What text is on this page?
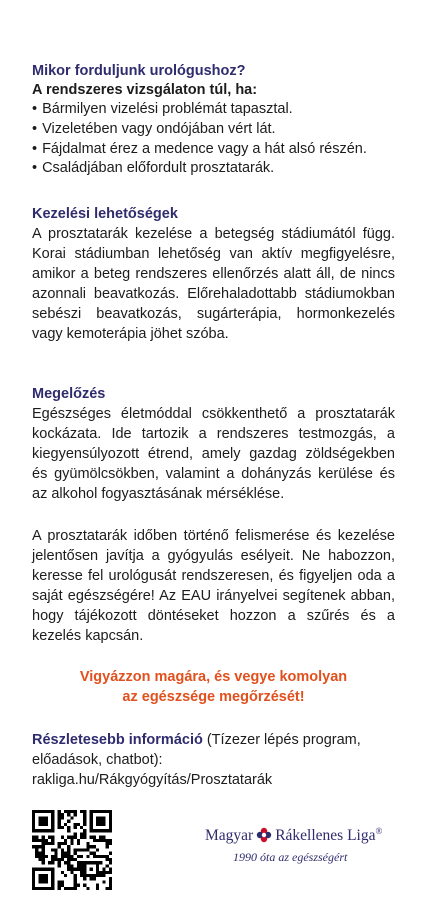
Mikor forduljunk urológushoz?
A rendszeres vizsgálaton túl, ha:
• Bármilyen vizelési problémát tapasztal.
• Vizeletében vagy ondójában vért lát.
• Fájdalmat érez a medence vagy a hát alsó részén.
• Családjában előfordult prosztatarák.
Kezelési lehetőségek

A prosztatarák kezelése a betegség stádiumától függ. Korai stádiumban lehetőség van aktív megfigyelésre, amikor a beteg rendszeres ellenőrzés alatt áll, de nincs azonnali beavatkozás. Előrehaladottabb stádiumokban sebészi beavatkozás, sugárterápia, hormonkezelés vagy kemoterápia jöhet szóba.

Megelőzés

Egészséges életmóddal csökkenthető a prosztatarák kockázata. Ide tartozik a rendszeres testmozgás, a kiegyensúlyozott étrend, amely gazdag zöldségekben és gyümölcsökben, valamint a dohányzás kerülése és az alkohol fogyasztásának mérséklése.

A prosztatarák időben történő felismerése és kezelése jelentősen javítja a gyógyulás esélyeit. Ne habozzon, keresse fel urológusát rendszeresen, és figyeljen oda a saját egészségére! Az EAU irányelvei segítenek abban, hogy tájékozott döntéseket hozzon a szűrés és a kezelés kapcsán.

Vigyázzon magára, és vegye komolyan
az egészsége megőrzését!
Részletesebb információ (Tízezer lépés program, előadások, chatbot):
rakliga.hu/Rákgyógyítás/Prosztatarák
Magyar Rákellenes Liga®
1990 óta az egészségért
